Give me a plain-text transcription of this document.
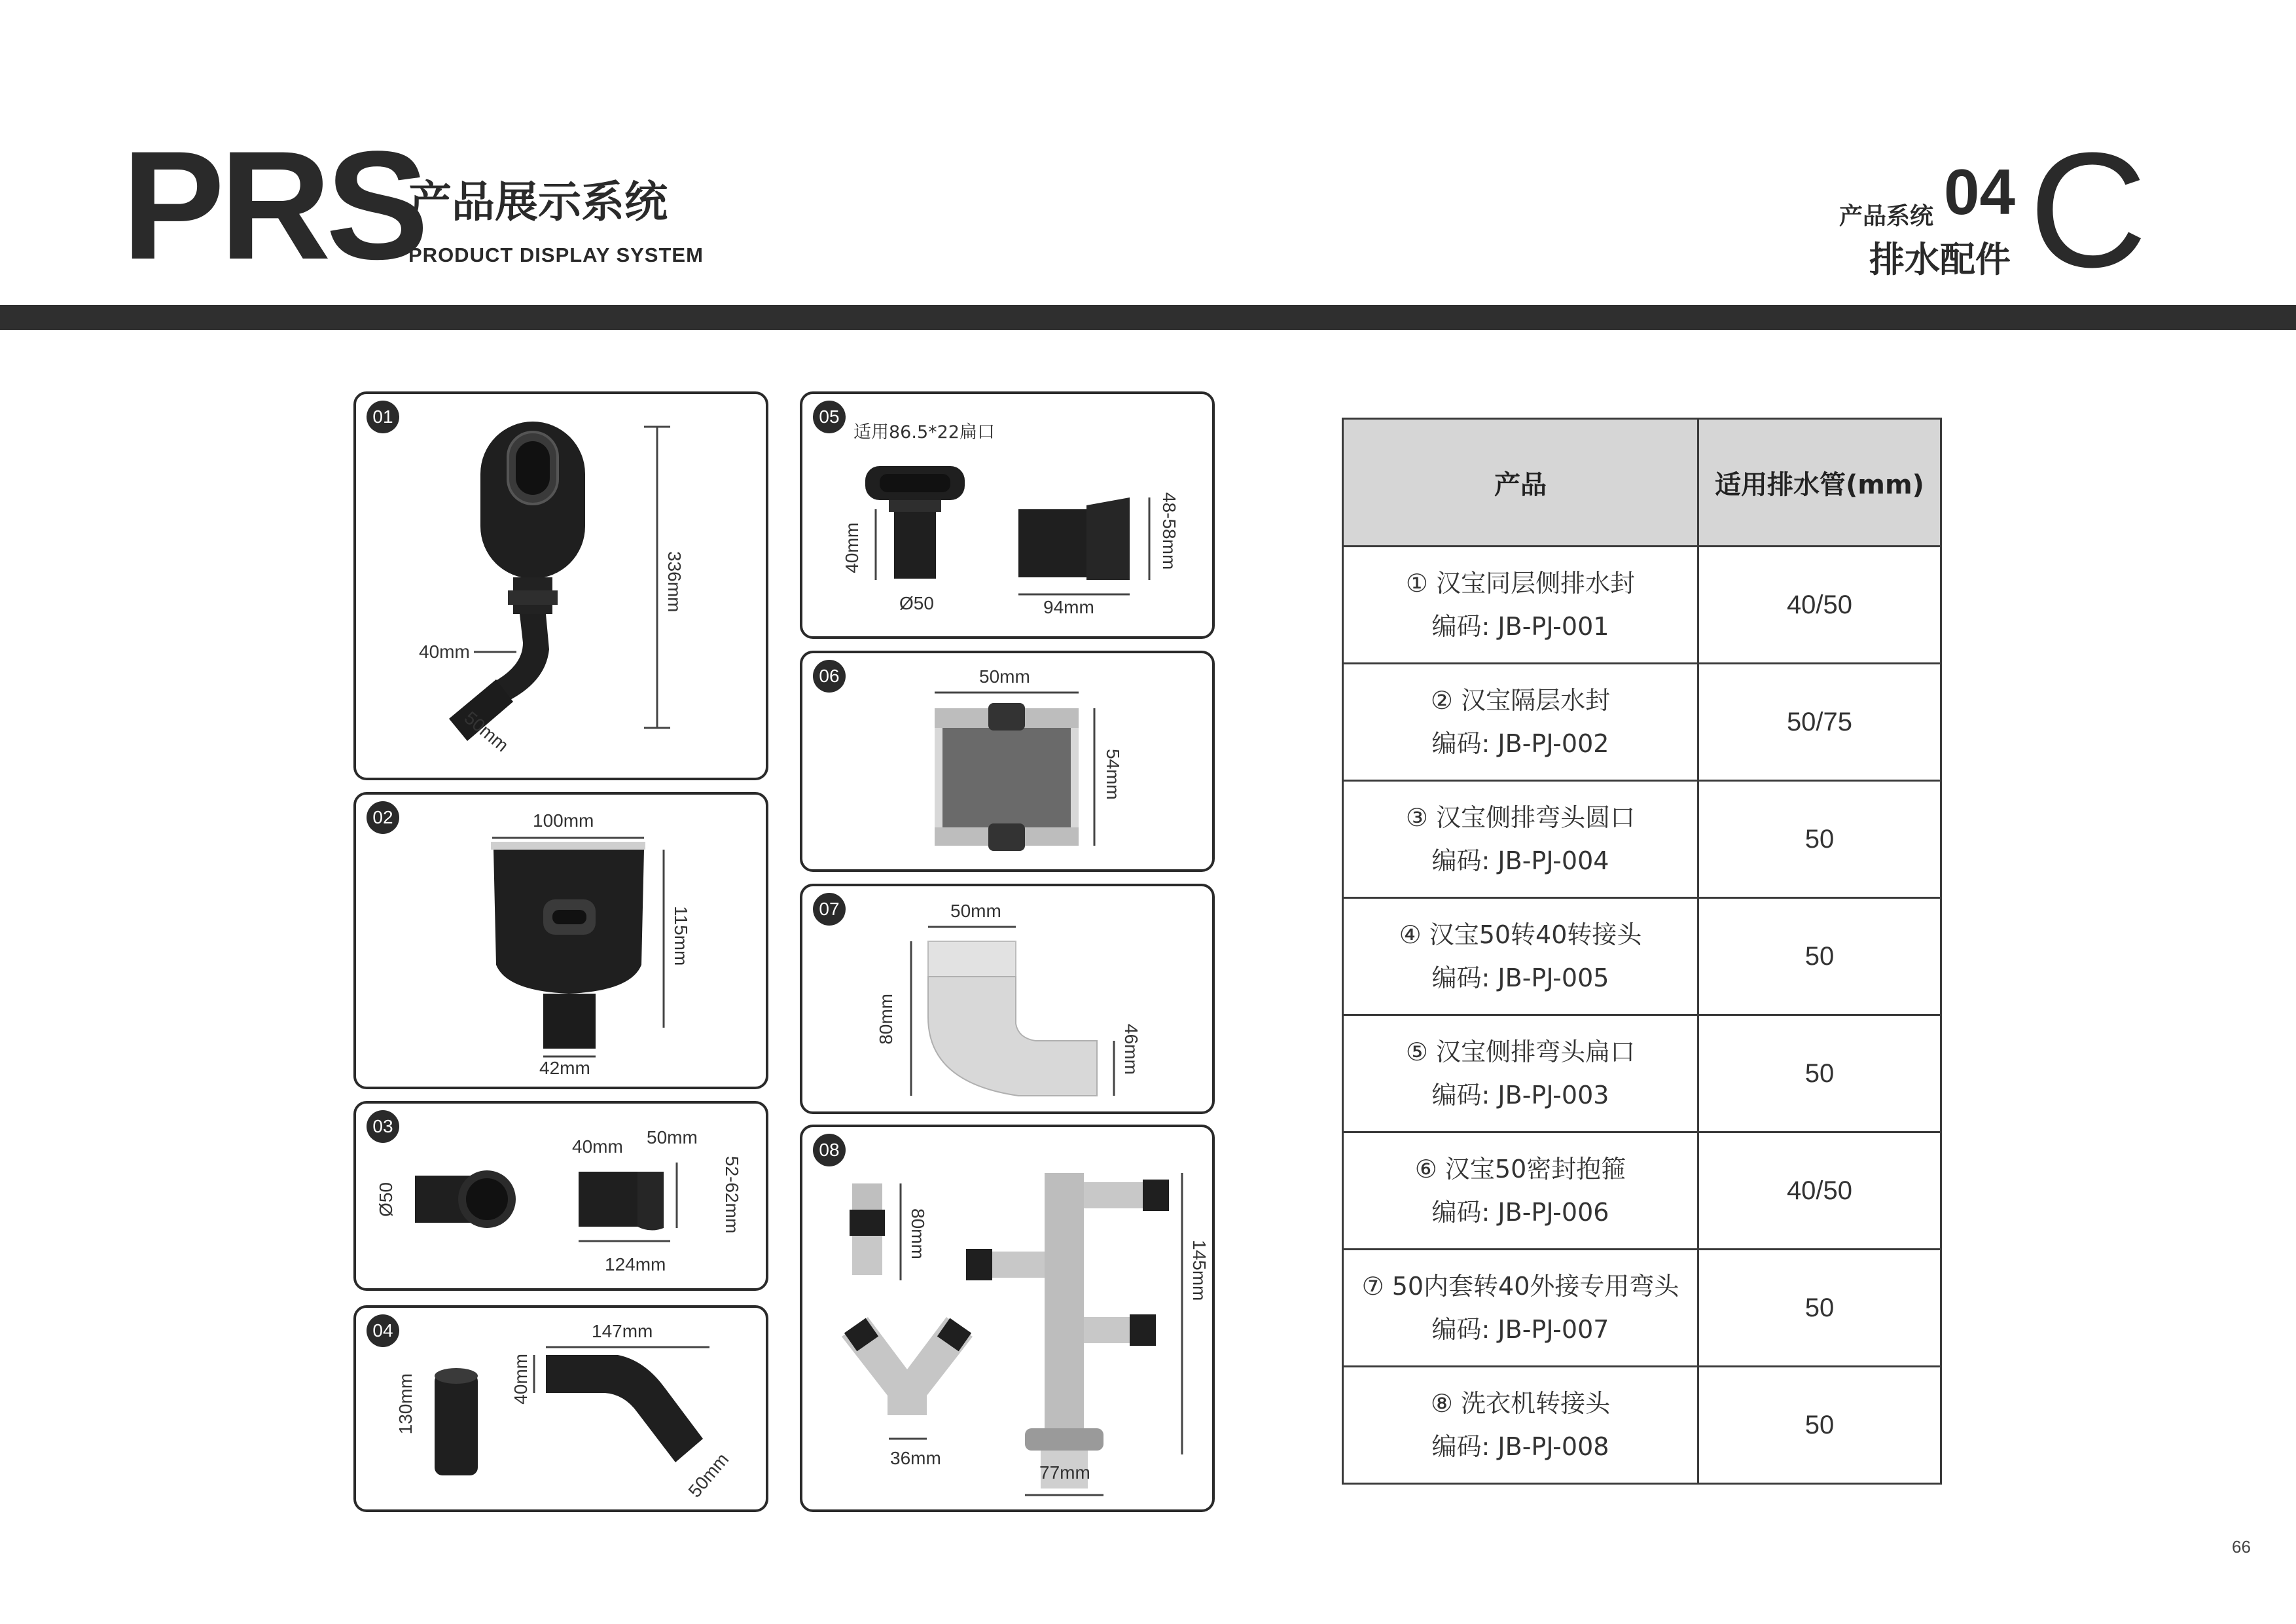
PRS
产品展示系统
PRODUCT DISPLAY SYSTEM
产品系统 04
排水配件 C
01
336mm
40mm
50mm
02	100mm
115mm
42mm
03
Ø50
40mm 50mm
52-62mm
124mm
04
130mm	40mm
147mm
50mm
05
适用86.5*22扁口
40mm
Ø50
48-58mm
94mm
06	50mm
54mm
07	50mm
80mm
46mm
08
80mm
145mm
36mm
77mm
产品	适用排水管(mm)

① 汉宝同层侧排水封
编码: JB-PJ-001	40/50

② 汉宝隔层水封
编码: JB-PJ-002	50/75

③ 汉宝侧排弯头圆口
编码: JB-PJ-004	50

④ 汉宝50转40转接头
编码: JB-PJ-005	50

⑤ 汉宝侧排弯头扁口
编码: JB-PJ-003	50

⑥ 汉宝50密封抱箍
编码: JB-PJ-006	40/50

⑦ 50内套转40外接专用弯头
编码: JB-PJ-007	50

⑧ 洗衣机转接头
编码: JB-PJ-008	50
66
